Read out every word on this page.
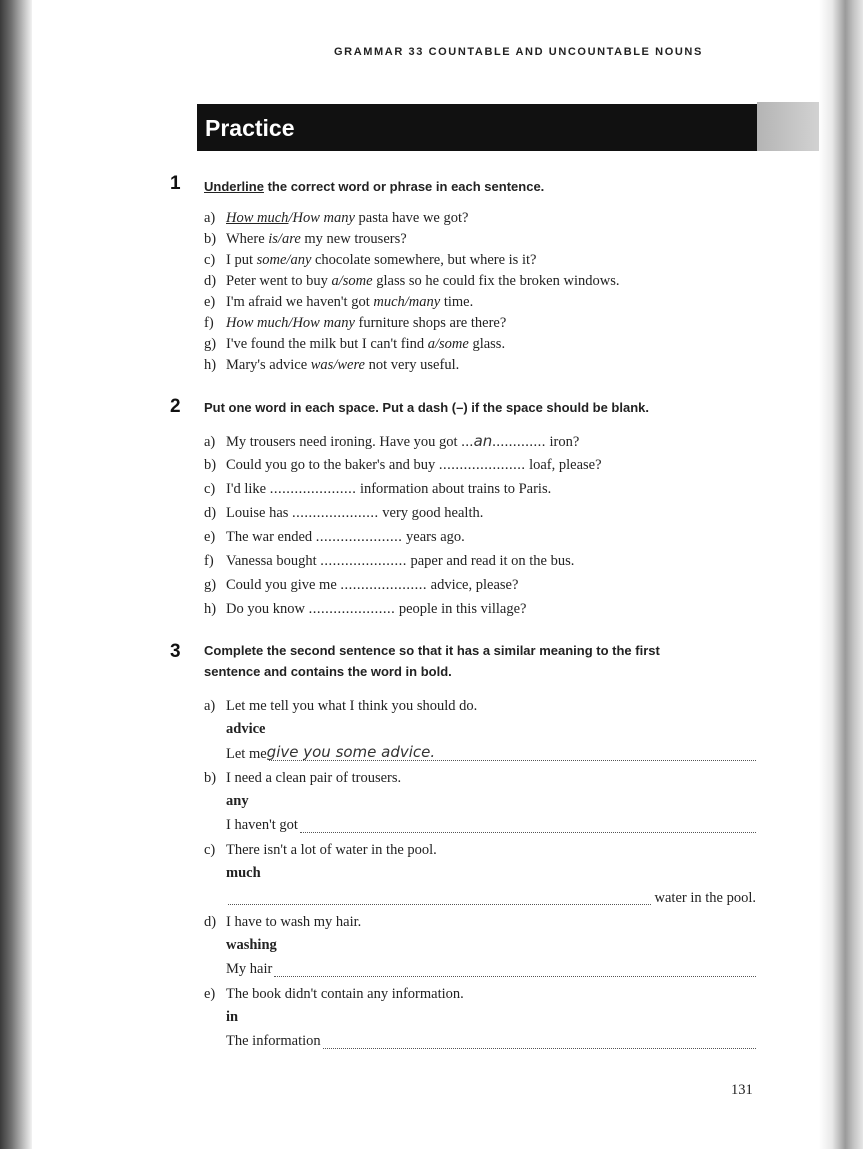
GRAMMAR 33 COUNTABLE AND UNCOUNTABLE NOUNS
Practice
1 Underline the correct word or phrase in each sentence.
a) How much/How many pasta have we got?
b) Where is/are my new trousers?
c) I put some/any chocolate somewhere, but where is it?
d) Peter went to buy a/some glass so he could fix the broken windows.
e) I'm afraid we haven't got much/many time.
f) How much/How many furniture shops are there?
g) I've found the milk but I can't find a/some glass.
h) Mary's advice was/were not very useful.
2 Put one word in each space. Put a dash (–) if the space should be blank.
a) My trousers need ironing. Have you got ...an............. iron?
b) Could you go to the baker's and buy ..................... loaf, please?
c) I'd like ..................... information about trains to Paris.
d) Louise has ..................... very good health.
e) The war ended ..................... years ago.
f) Vanessa bought ..................... paper and read it on the bus.
g) Could you give me ..................... advice, please?
h) Do you know ..................... people in this village?
3 Complete the second sentence so that it has a similar meaning to the first
sentence and contains the word in bold.
a) Let me tell you what I think you should do.
advice
Let megive you some advice.
b) I need a clean pair of trousers.
any
I haven't got
c) There isn't a lot of water in the pool.
much
water in the pool.
d) I have to wash my hair.
washing
My hair
e) The book didn't contain any information.
in
The information
131
